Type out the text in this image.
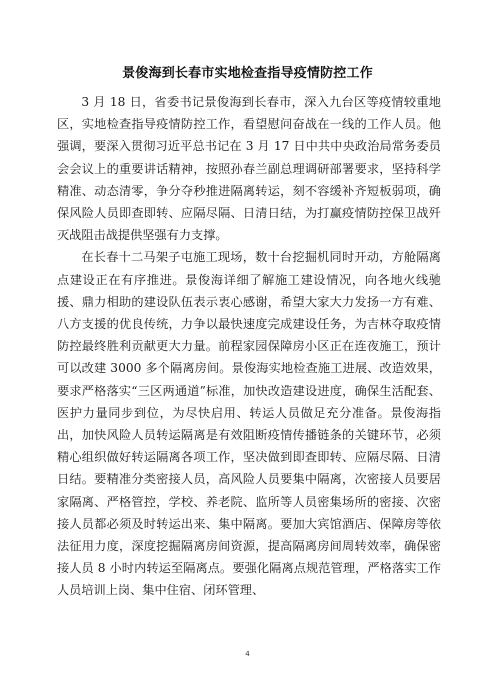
景俊海到长春市实地检查指导疫情防控工作

3 月 18 日，省委书记景俊海到长春市，深入九台区等疫情较重地区，实地检查指导疫情防控工作，看望慰问奋战在一线的工作人员。他强调，要深入贯彻习近平总书记在 3 月 17 日中共中央政治局常务委员会会议上的重要讲话精神，按照孙春兰副总理调研部署要求，坚持科学精准、动态清零，争分夺秒推进隔离转运，刻不容缓补齐短板弱项，确保风险人员即查即转、应隔尽隔、日清日结，为打赢疫情防控保卫战歼灭战阻击战提供坚强有力支撑。

在长春十二马架子屯施工现场，数十台挖掘机同时开动，方舱隔离点建设正在有序推进。景俊海详细了解施工建设情况，向各地火线驰援、鼎力相助的建设队伍表示衷心感谢，希望大家大力发扬一方有难、八方支援的优良传统，力争以最快速度完成建设任务，为吉林夺取疫情防控最终胜利贡献更大力量。前程家园保障房小区正在连夜施工，预计可以改建 3000 多个隔离房间。景俊海实地检查施工进展、改造效果，要求严格落实“三区两通道”标准，加快改造建设进度，确保生活配套、医护力量同步到位，为尽快启用、转运人员做足充分准备。景俊海指出，加快风险人员转运隔离是有效阻断疫情传播链条的关键环节，必须精心组织做好转运隔离各项工作，坚决做到即查即转、应隔尽隔、日清日结。要精准分类密接人员，高风险人员要集中隔离，次密接人员要居家隔离、严格管控，学校、养老院、监所等人员密集场所的密接、次密接人员都必须及时转运出来、集中隔离。要加大宾馆酒店、保障房等依法征用力度，深度挖掘隔离房间资源，提高隔离房间周转效率，确保密接人员 8 小时内转运至隔离点。要强化隔离点规范管理，严格落实工作人员培训上岗、集中住宿、闭环管理、

4
